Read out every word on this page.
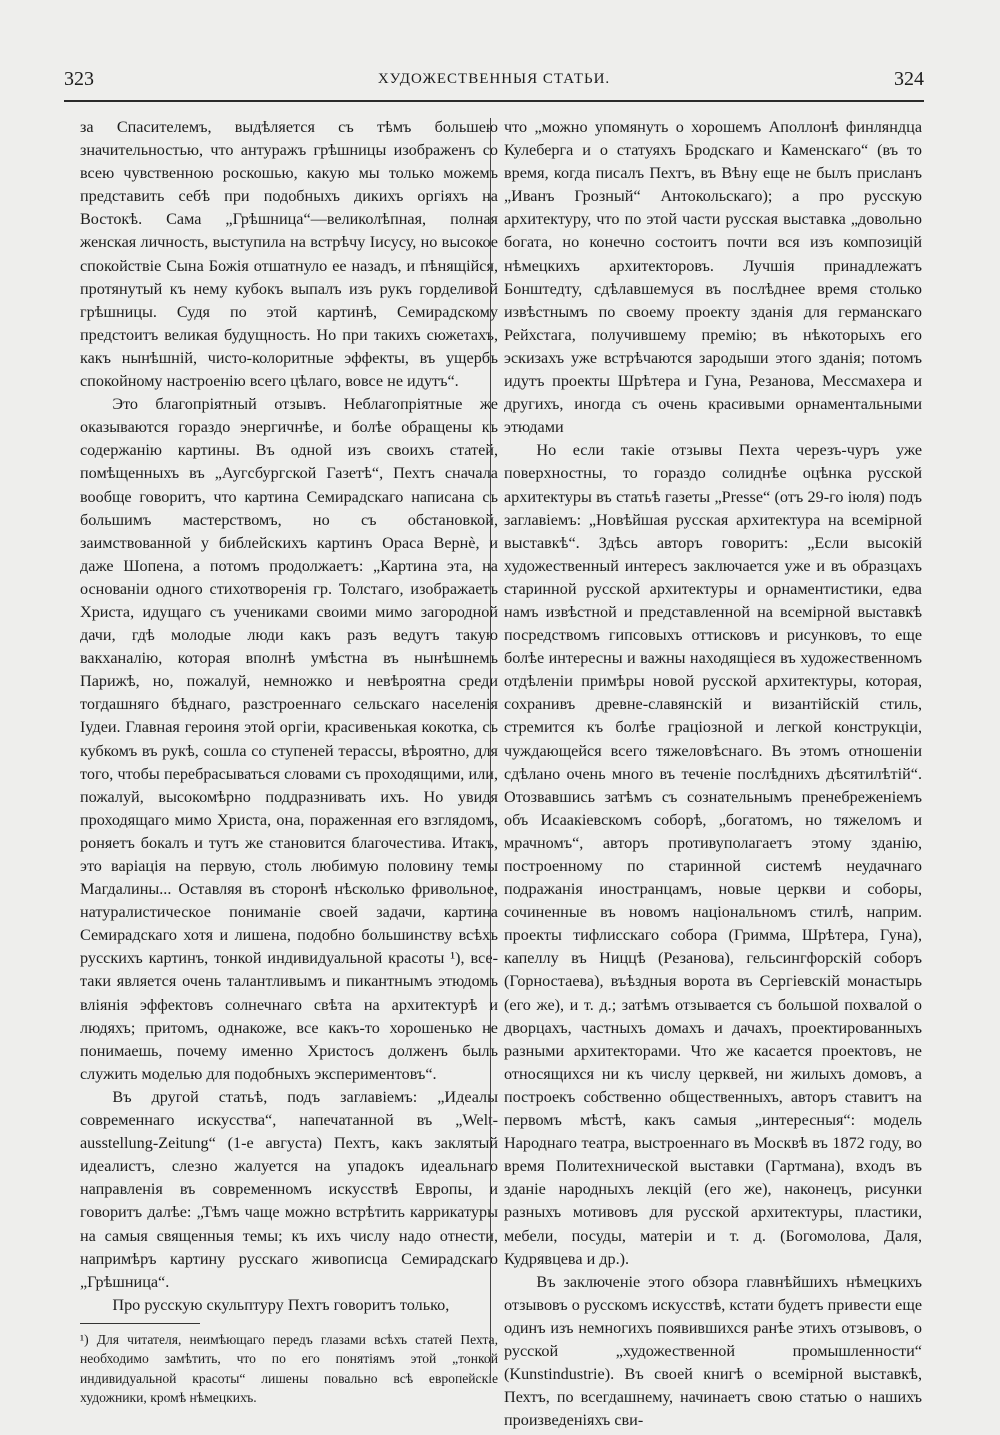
323	ХУДОЖЕСТВЕННЫЯ СТАТЬИ.	324

за Спасителемъ, выдѣляется съ тѣмъ большею значительностью, что антуражъ грѣшницы изображенъ со всею чувственною роскошью, какую мы только можемъ представить себѣ при подобныхъ дикихъ оргіяхъ на Востокѣ. Сама „Грѣшница“—великолѣпная, полная женская личность, выступила на встрѣчу Іисусу, но высокое спокойствіе Сына Божія отшатнуло ее назадъ, и пѣнящійся, протянутый къ нему кубокъ выпалъ изъ рукъ гордeливой грѣшницы. Судя по этой картинѣ, Семирадскому предстоитъ великая будущность. Но при такихъ сюжетахъ, какъ нынѣшній, чисто-колоритные эффекты, въ ущербъ спокойному настроенію всего цѣлаго, вовсе не идутъ“.

Это благопріятный отзывъ. Неблагопріятные же оказываются гораздо энергичнѣе, и болѣе обращены къ содержанію картины. Въ одной изъ своихъ статей, помѣщенныхъ въ „Аугсбургской Газетѣ“, Пехтъ сначала вообще говоритъ, что картина Семирадскаго написана съ большимъ мастерствомъ, но съ обстановкой, заимствованной у библейскихъ картинъ Ораса Вернѐ, и даже Шопена, а потомъ продолжаетъ: „Картина эта, на основаніи одного стихотворенія гр. Толстаго, изображаетъ Христа, идущаго съ учениками своими мимо загородной дачи, гдѣ молодые люди какъ разъ ведутъ такую вакханалію, которая вполнѣ умѣстна въ нынѣшнемъ Парижѣ, но, пожалуй, немножко и невѣроятна среди тогдашняго бѣднаго, разстроеннаго сельскаго населенія Іудеи. Главная героиня этой оргіи, красивенькая кокотка, съ кубкомъ въ рукѣ, сошла со ступеней терассы, вѣроятно, для того, чтобы перебрасываться словами съ проходящими, или, пожалуй, высокомѣрно поддразнивать ихъ. Но увидя проходящаго мимо Христа, она, пораженная его взглядомъ, роняетъ бокалъ и тутъ же становится благочестива. Итакъ, это варіація на первую, столь любимую половину темы Магдалины... Оставляя въ сторонѣ нѣсколько фривольное, натуралистическое пониманіе своей задачи, картина Семирадскаго хотя и лишена, подобно большинству всѣхъ русскихъ картинъ, тонкой индивидуальной красоты ¹), все-таки является очень талантливымъ и пикантнымъ этюдомъ вліянія эффектовъ солнечнаго свѣта на архитектурѣ и людяхъ; притомъ, однакоже, все какъ-то хорошенько не понимаешь, почему именно Христосъ долженъ былъ служить моделью для подобныхъ экспериментовъ“.

Въ другой статьѣ, подъ заглавіемъ: „Идеалы современнаго искусства“, напечатанной въ „Welt-ausstellung-Zeitung“ (1-е августа) Пехтъ, какъ заклятый идеалистъ, слезно жалуется на упадокъ идеальнаго направленія въ современномъ искусствѣ Европы, и говоритъ далѣе: „Тѣмъ чаще можно встрѣтить каррикатуры на самыя священныя темы; къ ихъ числу надо отнести, напримѣръ картину русскаго живописца Семирадскаго „Грѣшница“.

Про русскую скульптуру Пехтъ говоритъ только,

¹) Для читателя, неимѣющаго передъ глазами всѣхъ статей Пехта, необходимо замѣтить, что по его понятіямъ этой „тонкой индивидуальной красоты“ лишены повально всѣ европейскіе художники, кромѣ нѣмецкихъ.

что „можно упомянуть о хорошемъ Аполлонѣ финляндца Кулеберга и о статуяхъ Бродскаго и Каменскаго“ (въ то время, когда писалъ Пехтъ, въ Вѣну еще не былъ присланъ „Иванъ Грозный“ Антокольскаго); а про русскую архитектуру, что по этой части русская выставка „довольно богата, но конечно состоитъ почти вся изъ композицій нѣмецкихъ архитекторовъ. Лучшія принадлежатъ Бонштедту, сдѣлавшемуся въ послѣднее время столько извѣстнымъ по своему проекту зданія для германскаго Рейхстага, получившему премію; въ нѣкоторыхъ его эскизахъ уже встрѣчаются зародыши этого зданія; потомъ идутъ проекты Шрѣтера и Гуна, Резанова, Мессмахера и другихъ, иногда съ очень красивыми орнаментальными этюдами

Но если такіе отзывы Пехта черезъ-чуръ уже поверхностны, то гораздо солиднѣе оцѣнка русской архитектуры въ статьѣ газеты „Presse“ (отъ 29-го іюля) подъ заглавіемъ: „Новѣйшая русская архитектура на всемірной выставкѣ“. Здѣсь авторъ говоритъ: „Если высокій художественный интересъ заключается уже и въ образцахъ старинной русской архитектуры и орнаментистики, едва намъ извѣстной и представленной на всемірной выставкѣ посредствомъ гипсовыхъ оттисковъ и рисунковъ, то еще болѣе интересны и важны находящіеся въ художественномъ отдѣленіи примѣры новой русской архитектуры, которая, сохранивъ древне-славянскій и византійскій стиль, стремится къ болѣе граціозной и легкой конструкціи, чуждающейся всего тяжеловѣснаго. Въ этомъ отношеніи сдѣлано очень много въ теченіе послѣднихъ дѣсятилѣтій“. Отозвавшись затѣмъ съ сознательнымъ пренебреженіемъ объ Исаакіевскомъ соборѣ, „богатомъ, но тяжеломъ и мрачномъ“, авторъ противуполагаетъ этому зданію, построенному по старинной системѣ неудачнаго подражанія иностранцамъ, новые церкви и соборы, сочиненные въ новомъ національномъ стилѣ, наприм. проекты тифлисскаго собора (Гримма, Шрѣтера, Гуна), капеллу въ Ниццѣ (Резанова), гельсингфорскій соборъ (Горностаева), въѣздныя ворота въ Сергіевскій монастырь (его же), и т. д.; затѣмъ отзывается съ большой похвалой о дворцахъ, частныхъ домахъ и дачахъ, проектированныхъ разными архитекторами. Что же касается проектовъ, не относящихся ни къ числу церквей, ни жилыхъ домовъ, а построекъ собственно общественныхъ, авторъ ставитъ на первомъ мѣстѣ, какъ самыя „интересныя“: модель Народнаго театра, выстроеннаго въ Москвѣ въ 1872 году, во время Политехнической выставки (Гартмана), входъ въ зданіе народныхъ лекцій (его же), наконецъ, рисунки разныхъ мотивовъ для русской архитектуры, пластики, мебели, посуды, матеріи и т. д. (Богомолова, Даля, Кудрявцева и др.).

Въ заключеніе этого обзора главнѣйшихъ нѣмецкихъ отзывовъ о русскомъ искусствѣ, кстати будетъ привести еще одинъ изъ немногихъ появившихся ранѣе этихъ отзывовъ, о русской „художественной промышленности“ (Kunstindustrie). Въ своей книгѣ о всемірной выставкѣ, Пехтъ, по всегдашнему, начинаетъ свою статью о нашихъ произведеніяхъ сви-
